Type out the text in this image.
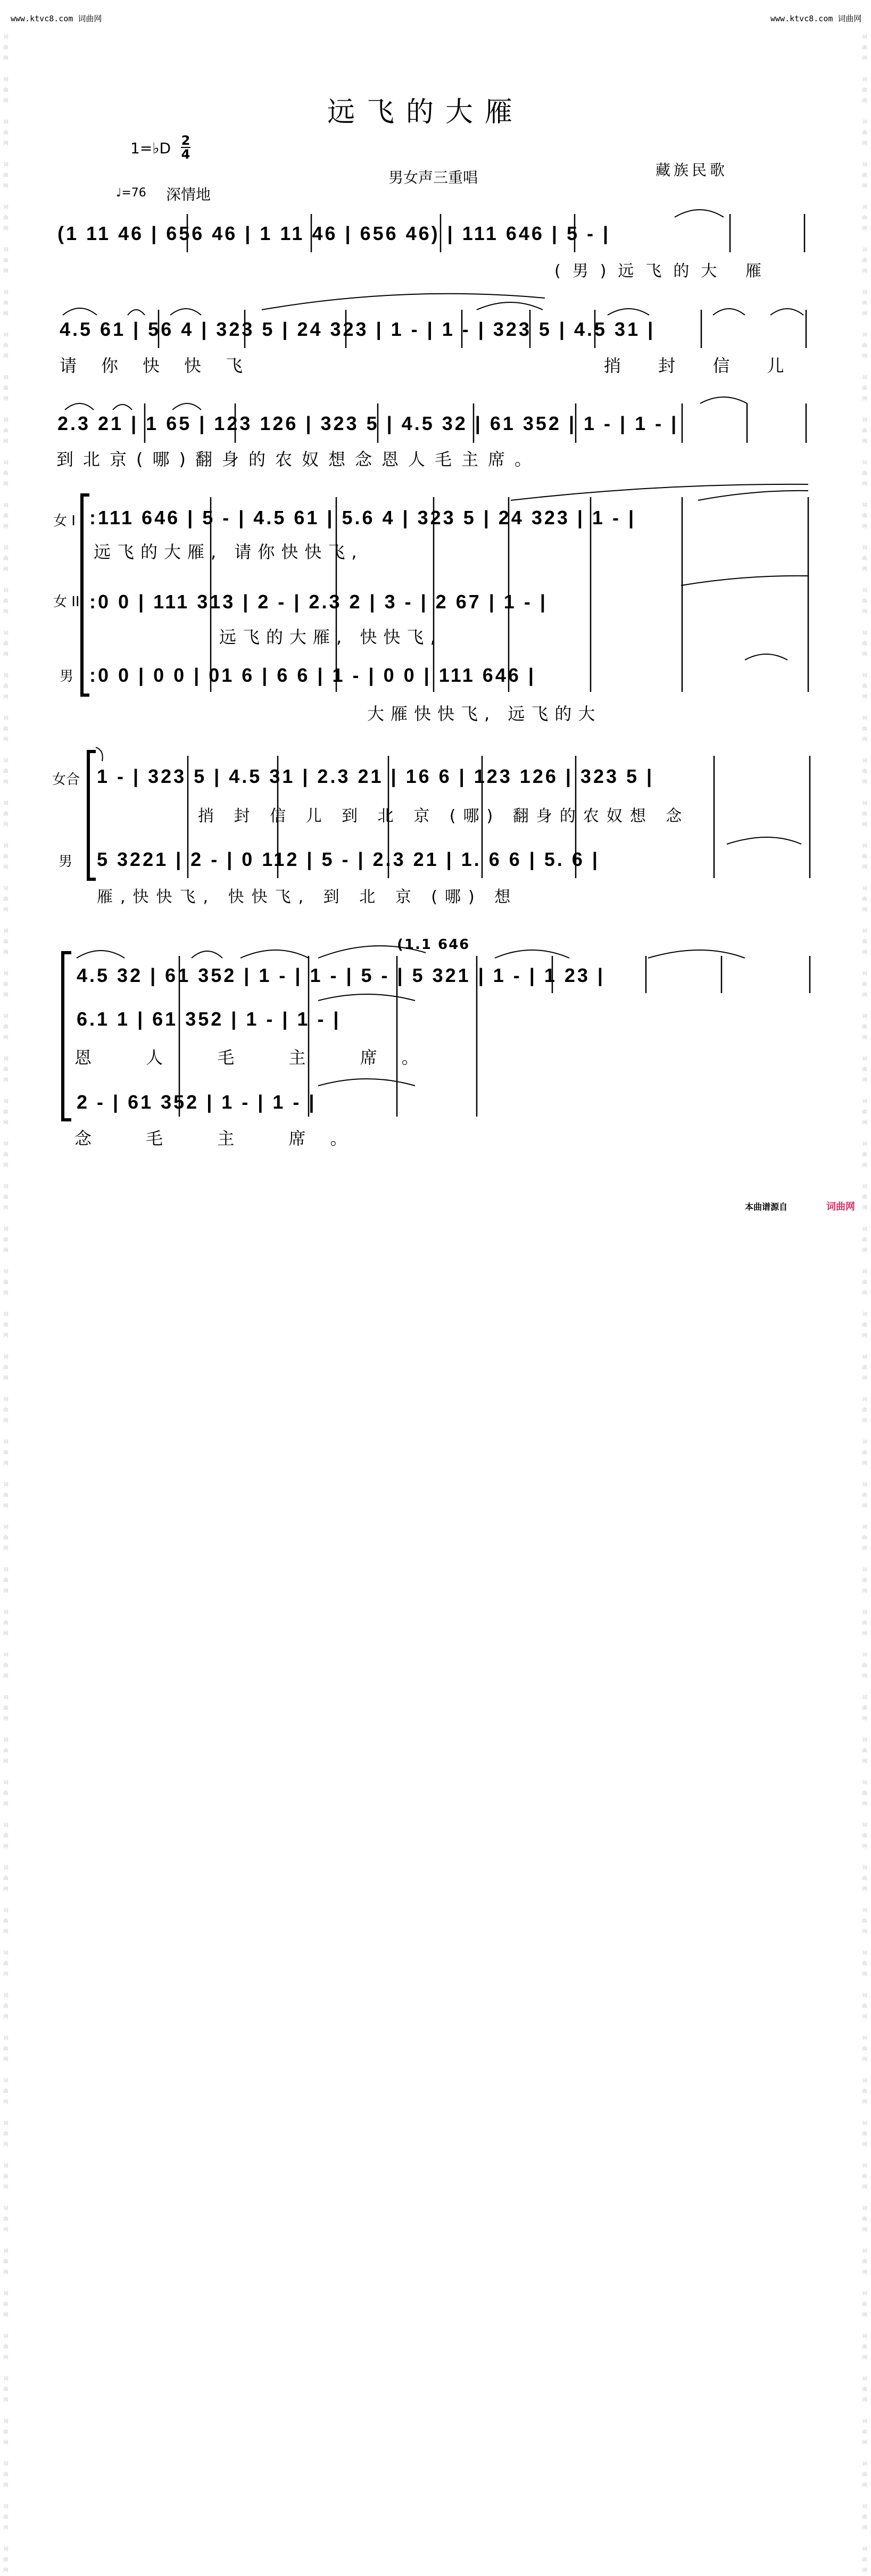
www.ktvc8.com 词曲网	www.ktvc8.com 词曲网
词
曲
网

词
曲
网

词
曲
网

词
曲
网

词
曲
网

词
曲
网

词
曲
网

词
曲
网

词
曲
网

词
曲
网

词
曲
网

词
曲
网

词
曲
网

词
曲
网

词
曲
网

词
曲
网

词
曲
网

词
曲
网

词
曲
网

词
曲
网

词
曲
网

词
曲
网

词
曲
网

词
曲
网

词
曲
网

词
曲
网

词
曲
网

词
曲
网

词
曲
网

词
曲
网

词
曲
网

词
曲
网

词
曲
网

词
曲
网

词
曲
网

词
曲
网

词
曲
网

词
曲
网

词
曲
网

词
曲
网

词
曲
网

词
曲
网

词
曲
网

词
曲
网

词
曲
网

词
曲
网

词
曲
网

词
曲
网

词
曲
网

词
曲
网

词
曲
网

词
曲
网

词
曲
网

词
曲
网

词
曲
网

词
曲
网

词
曲
网

词
曲
网

词
曲
网

词
曲
网

词
曲
网

词
曲
网

词
曲
网

词
曲
网

词
曲
网

词
曲
网

词
曲
网

词
曲
网

词
曲
网

词
曲
网

词
曲
网

词
曲
网

词
曲
网

词
曲
网

词
曲
网

词
曲
网

词
曲
网

词
曲
网

词
曲
网

词
曲
网

词
曲
网

词
曲
网

词
曲
网

词
曲
网

词
曲
网

词
曲
网

词
曲
网

词
曲
网

词
曲
网

词
曲
网

词
曲
网

词
曲
网

词
曲
网

词
曲
网

词
曲
网

词
曲
网

词
曲
网

词
曲
网

词
曲
网

词
曲
网

词
曲
网

词
曲
网

词
曲
网

词
曲
网

词
曲
网

词
曲
网

词
曲
网

词
曲
网

词
曲
网

词
曲
网

词
曲
网

词
曲
网

词
曲
网

词
曲
网

词
曲
网

词
曲
网

词
曲
网

词
曲
网

词
曲
网

词
曲
网

远飞的大雁
1=♭D 2
4
♩=76 深情地
男女声三重唱	藏族民歌
(1 11 46 | 656 46 | 1 11 46 | 656 46) | 111 646 | 5 - |
(男)远飞的大 雁
4.5 61 | 56 4 | 323 5 | 24 323 | 1 - | 1 - | 323 5 | 4.5 31 |
请你快快飞	捎 封 信 儿
2.3 21 | 1 65 | 123 126 | 323 5 | 4.5 32 | 61 352 | 1 - | 1 - |
到北京(哪)翻身的农奴想念恩人毛主席。
女 I
女 II
男
:111 646 | 5 - | 4.5 61 | 5.6 4 | 323 5 | 24 323 | 1 - |
远飞的大雁, 请你快快飞,
:0 0 | 111 313 | 2 - | 2.3 2 | 3 - | 2 67 | 1 - |
远飞的大雁, 快快飞,
:0 0 | 0 0 | 01 6 | 6 6 | 1 - | 0 0 | 111 646 |
大雁快快飞, 远飞的大
女合
男
1 - | 323 5 | 4.5 31 | 2.3 21 | 16 6 | 123 126 | 323 5 |
捎 封 信 儿 到 北 京 (哪) 翻身的农奴想 念
5 3221 | 2 - | 0 112 | 5 - | 2.3 21 | 1. 6 6 | 5. 6 |
雁,快快飞, 快快飞, 到 北 京 (哪) 想
(1.1 646
4.5 32 | 61 352 | 1 - | 1 - | 5 - | 5 321 | 1 - | 1 23 |
6.1 1 | 61 352 | 1 - | 1 - |
恩 人 毛 主 席。
2 - | 61 352 | 1 - | 1 - |
念 毛 主 席。
本曲谱源自	词曲网
